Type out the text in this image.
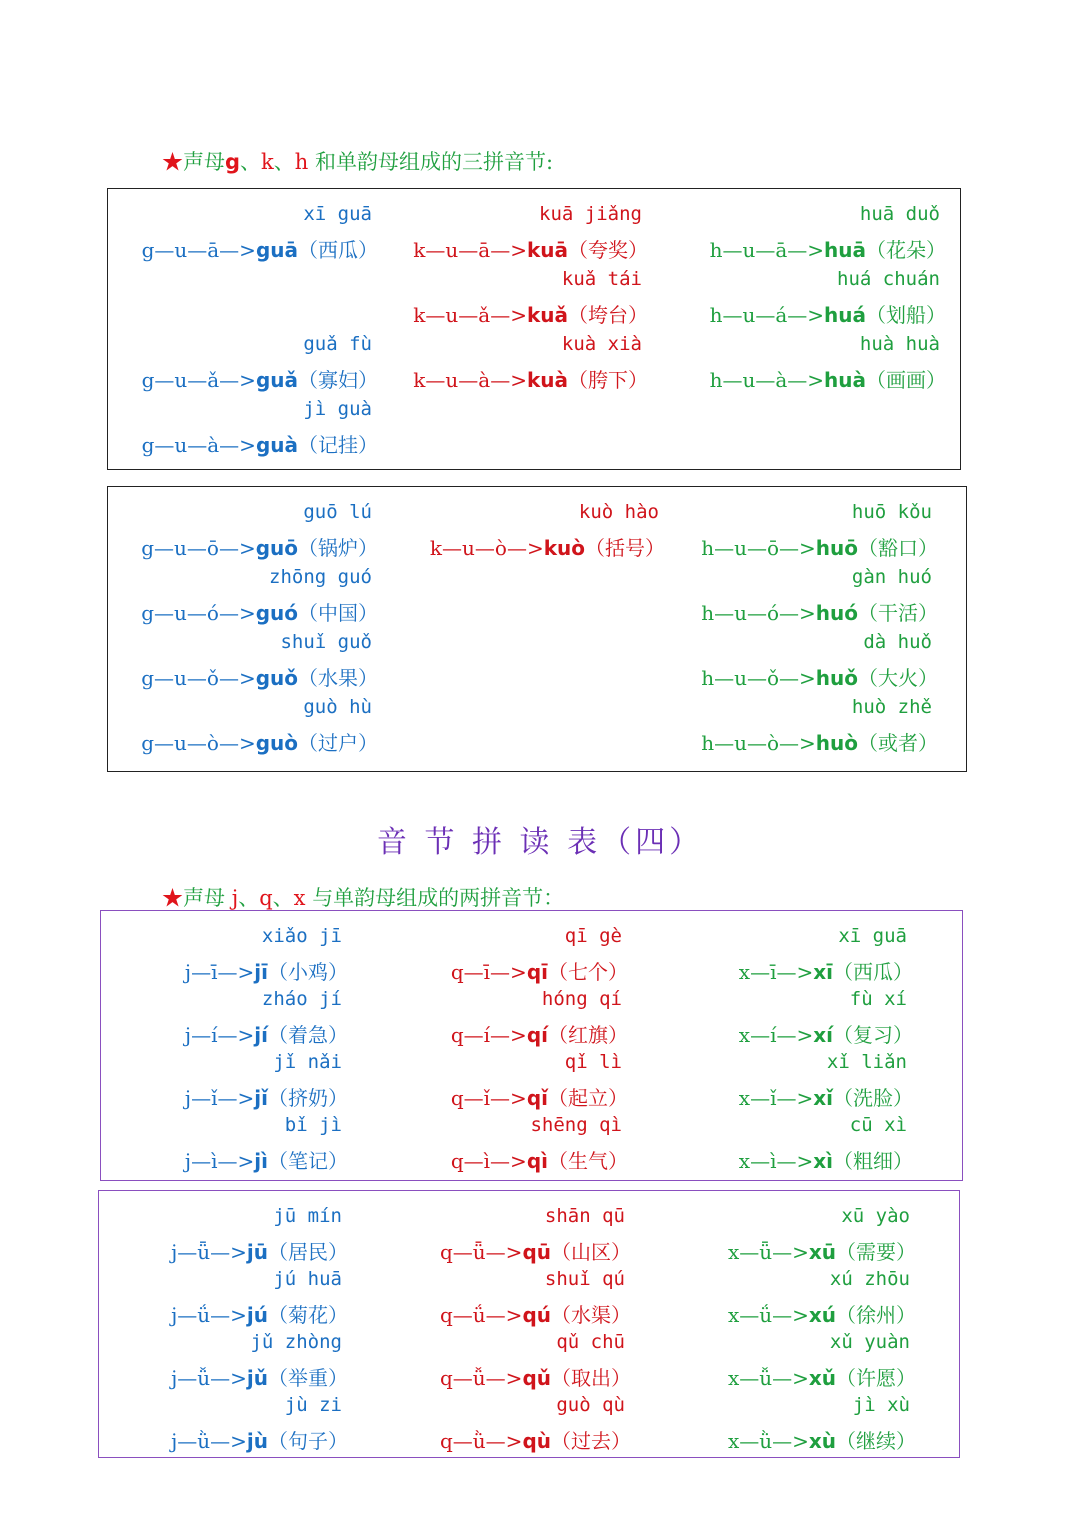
★声母g、k、h 和单韵母组成的三拼音节:
xī guā
g—u—ā—>guā（西瓜）
guǎ fù
g—u—ǎ—>guǎ（寡妇）
jì guà
g—u—à—>guà（记挂）
kuā jiǎng
k—u—ā—>kuā（夸奖）
kuǎ tái
k—u—ǎ—>kuǎ（垮台）
kuà xià
k—u—à—>kuà（胯下）
huā duǒ
h—u—ā—>huā（花朵）
huá chuán
h—u—á—>huá（划船）
huà huà
h—u—à—>huà（画画）
guō lú
g—u—ō—>guō（锅炉）
zhōng guó
g—u—ó—>guó（中国）
shuǐ guǒ
g—u—ǒ—>guǒ（水果）
guò hù
g—u—ò—>guò（过户）
kuò hào
k—u—ò—>kuò（括号）
huō kǒu
h—u—ō—>huō（豁口）
gàn huó
h—u—ó—>huó（干活）
dà huǒ
h—u—ǒ—>huǒ（大火）
huò zhě
h—u—ò—>huò（或者）
音 节 拼 读 表（四）
★声母 j、q、x 与单韵母组成的两拼音节：
xiǎo jī
j—ī—>jī（小鸡）
zháo jí
j—í—>jí（着急）
jǐ nǎi
j—ǐ—>jǐ（挤奶）
bǐ jì
j—ì—>jì（笔记）
qī gè
q—ī—>qī（七个）
hóng qí
q—í—>qí（红旗）
qǐ lì
q—ǐ—>qǐ（起立）
shēng qì
q—ì—>qì（生气）
xī guā
x—ī—>xī（西瓜）
fù xí
x—í—>xí（复习）
xǐ liǎn
x—ǐ—>xǐ（洗脸）
cū xì
x—ì—>xì（粗细）
jū mín
j—ǖ—>jū（居民）
jú huā
j—ǘ—>jú（菊花）
jǔ zhòng
j—ǚ—>jǔ（举重）
jù zi
j—ǜ—>jù（句子）
shān qū
q—ǖ—>qū（山区）
shuǐ qú
q—ǘ—>qú（水渠）
qǔ chū
q—ǚ—>qǔ（取出）
guò qù
q—ǜ—>qù（过去）
xū yào
x—ǖ—>xū（需要）
xú zhōu
x—ǘ—>xú（徐州）
xǔ yuàn
x—ǚ—>xǔ（许愿）
jì xù
x—ǜ—>xù（继续）
